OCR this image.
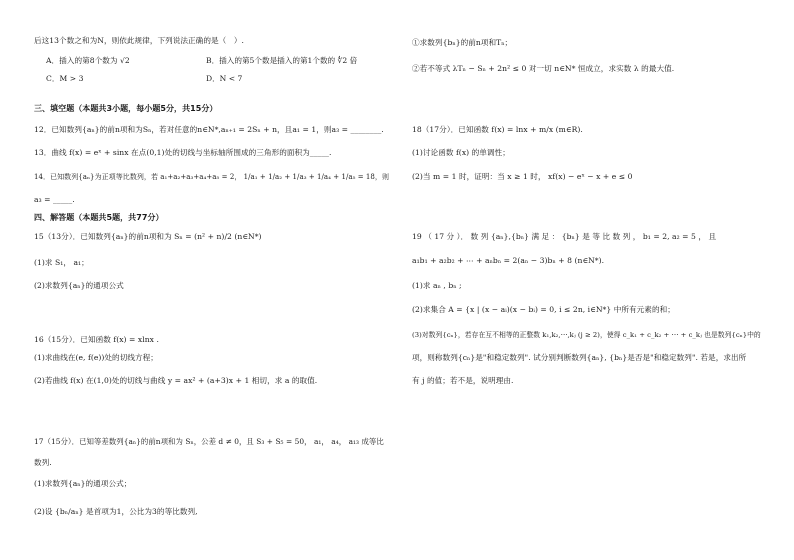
后这13个数之和为N，则依此规律，下列说法正确的是（　）.
A．插入的第8个数为 √2	B．插入的第5个数是插入的第1个数的 ∜2 倍
C．M > 3	D．N < 7
三、填空题（本题共3小题，每小题5分，共15分）
12．已知数列{aₙ}的前n项和为Sₙ，若对任意的n∈N*,aₙ₊₁ = 2Sₙ + n，且a₁ = 1，则a₃ = ________.
13．曲线 f(x) = eˣ + sinx 在点(0,1)处的切线与坐标轴所围成的三角形的面积为_____.
14．已知数列{aₙ}为正项等比数列，若 a₁+a₂+a₃+a₄+a₅ = 2， 1/a₁ + 1/a₂ + 1/a₃ + 1/a₄ + 1/a₅ = 18，则
a₃ = _____.
四、解答题（本题共5题，共77分）
15（13分）．已知数列{aₙ}的前n项和为 Sₙ = (n² + n)/2 (n∈N*)
(1)求 S₁， a₁；
(2)求数列{aₙ}的通项公式
16（15分）．已知函数 f(x) = xlnx .
(1)求曲线在(e, f(e))处的切线方程；
(2)若曲线 f(x) 在(1,0)处的切线与曲线 y = ax² + (a+3)x + 1 相切，求 a 的取值.
17（15分）．已知等差数列{aₙ}的前n项和为 Sₙ，公差 d ≠ 0，且 S₃ + S₅ = 50， a₁， a₄， a₁₃ 成等比
数列.
(1)求数列{aₙ}的通项公式；
(2)设 {bₙ/aₙ} 是首项为1，公比为3的等比数列,
①求数列{bₙ}的前n项和Tₙ；
②若不等式 λTₙ − Sₙ + 2n² ≤ 0 对一切 n∈N* 恒成立，求实数 λ 的最大值.
18（17分）．已知函数 f(x) = lnx + m/x (m∈R).
(1)讨论函数 f(x) 的单调性；
(2)当 m = 1 时，证明：当 x ≥ 1 时， xf(x) − eˣ − x + e ≤ 0
19 （ 17 分 ）． 数 列 {aₙ},{bₙ} 满 足 ： {bₙ} 是 等 比 数 列 ， b₁ = 2, a₂ = 5 ， 且
a₁b₁ + a₂b₂ + ⋯ + aₙbₙ = 2(aₙ − 3)bₙ + 8 (n∈N*).
(1)求 aₙ , bₙ ;
(2)求集合 A = {x | (x − aᵢ)(x − bᵢ) = 0, i ≤ 2n, i∈N*} 中所有元素的和；
(3)对数列{cₙ}，若存在互不相等的正整数 k₁,k₂,⋯,kⱼ (j ≥ 2)，使得 c_k₁ + c_k₂ + ⋯ + c_kⱼ 也是数列{cₙ}中的
项，则称数列{cₙ}是"和稳定数列". 试分别判断数列{aₙ}, {bₙ}是否是"和稳定数列". 若是，求出所
有 j 的值；若不是，说明理由.
